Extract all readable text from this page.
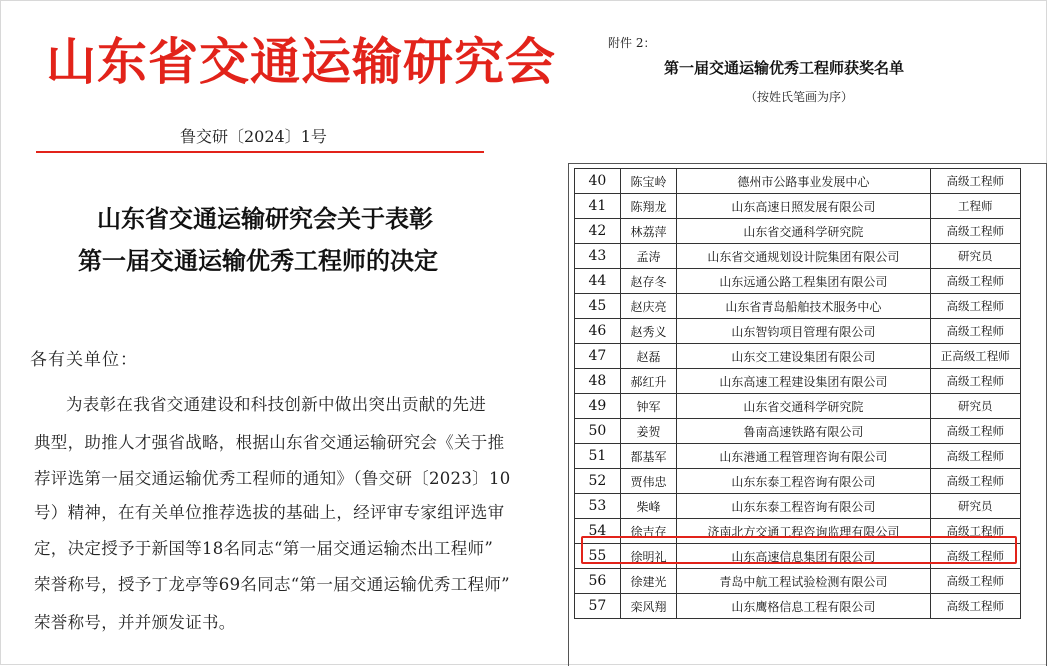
山东省交通运输研究会
鲁交研〔2024〕1号
山东省交通运输研究会关于表彰
第一届交通运输优秀工程师的决定
各有关单位：
为表彰在我省交通建设和科技创新中做出突出贡献的先进
典型，助推人才强省战略，根据山东省交通运输研究会《关于推
荐评选第一届交通运输优秀工程师的通知》（鲁交研〔2023〕10
号）精神，在有关单位推荐选拔的基础上，经评审专家组评选审
定，决定授予于新国等18名同志“第一届交通运输杰出工程师”
荣誉称号，授予丁龙亭等69名同志“第一届交通运输优秀工程师”
荣誉称号，并并颁发证书。
附件 2：
第一届交通运输优秀工程师获奖名单
（按姓氏笔画为序）
40	陈宝岭	德州市公路事业发展中心	高级工程师
41	陈翔龙	山东高速日照发展有限公司	工程师
42	林荔萍	山东省交通科学研究院	高级工程师
43	孟涛	山东省交通规划设计院集团有限公司	研究员
44	赵存冬	山东远通公路工程集团有限公司	高级工程师
45	赵庆亮	山东省青岛船舶技术服务中心	高级工程师
46	赵秀义	山东智钧项目管理有限公司	高级工程师
47	赵磊	山东交工建设集团有限公司	正高级工程师
48	郝红升	山东高速工程建设集团有限公司	高级工程师
49	钟军	山东省交通科学研究院	研究员
50	姜贺	鲁南高速铁路有限公司	高级工程师
51	都基军	山东港通工程管理咨询有限公司	高级工程师
52	贾伟忠	山东东泰工程咨询有限公司	高级工程师
53	柴峰	山东东泰工程咨询有限公司	研究员
54	徐吉存	济南北方交通工程咨询监理有限公司	高级工程师
55	徐明礼	山东高速信息集团有限公司	高级工程师
56	徐建光	青岛中航工程试验检测有限公司	高级工程师
57	栾风翔	山东鹰格信息工程有限公司	高级工程师
